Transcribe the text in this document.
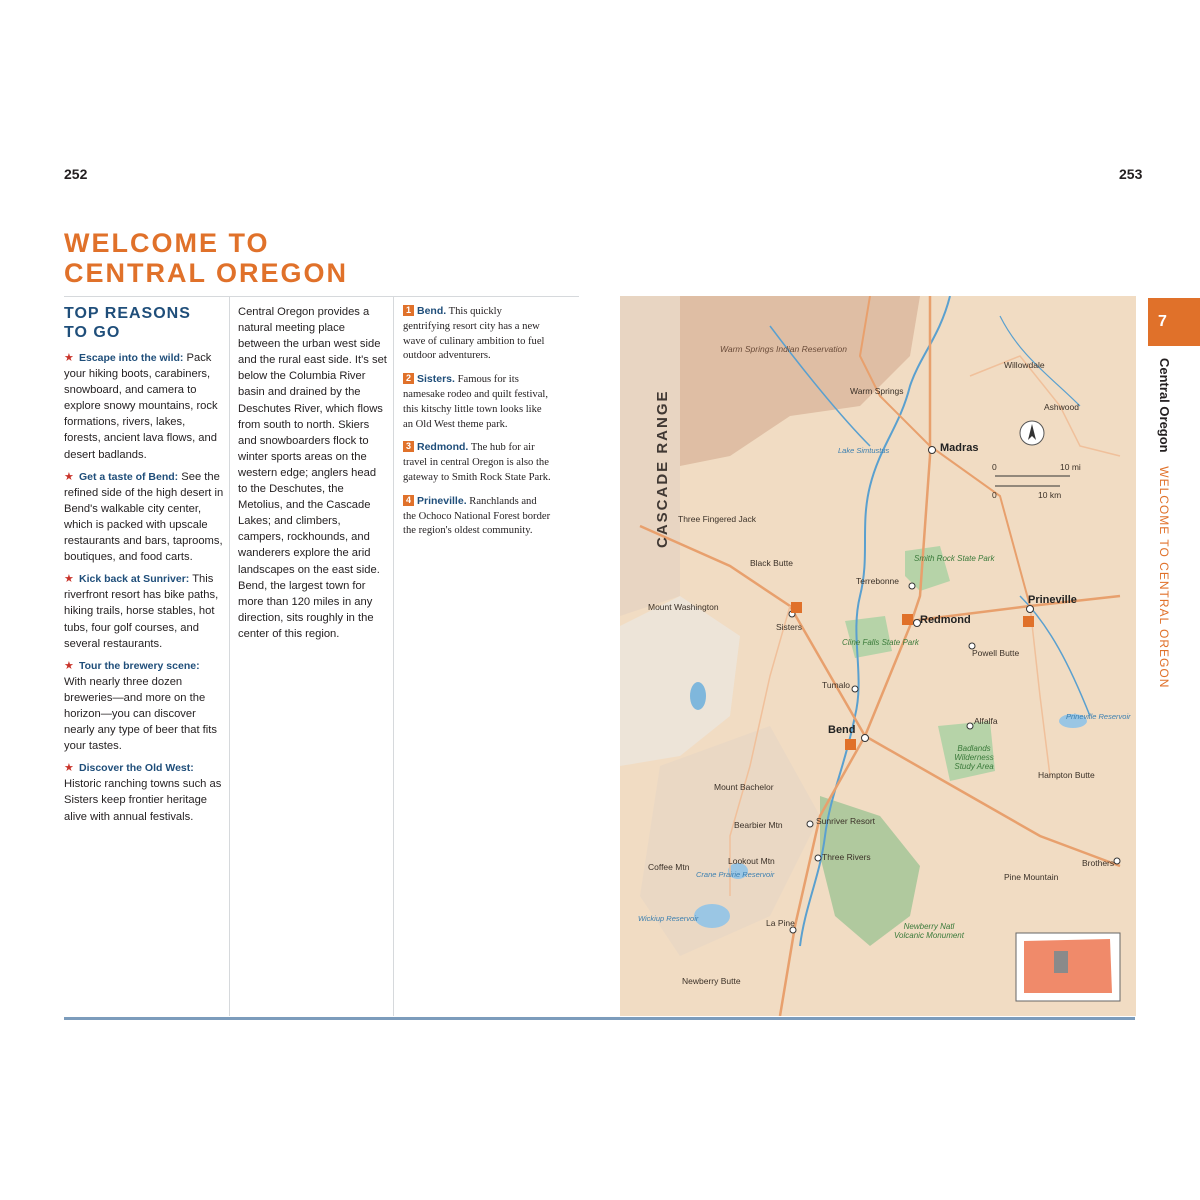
252	253
WELCOME TO
CENTRAL OREGON
TOP REASONS
TO GO
★ Escape into the wild: Pack your hiking boots, carabiners, snowboard, and camera to explore snowy mountains, rock formations, rivers, lakes, forests, ancient lava flows, and desert badlands.
★ Get a taste of Bend: See the refined side of the high desert in Bend's walkable city center, which is packed with upscale restaurants and bars, taprooms, boutiques, and food carts.
★ Kick back at Sunriver: This riverfront resort has bike paths, hiking trails, horse stables, hot tubs, four golf courses, and several restaurants.
★ Tour the brewery scene: With nearly three dozen breweries—and more on the horizon—you can discover nearly any type of beer that fits your tastes.
★ Discover the Old West: Historic ranching towns such as Sisters keep frontier heritage alive with annual festivals.
Central Oregon provides a natural meeting place between the urban west side and the rural east side. It's set below the Columbia River basin and drained by the Deschutes River, which flows from south to north. Skiers and snowboarders flock to winter sports areas on the western edge; anglers head to the Deschutes, the Metolius, and the Cascade Lakes; and climbers, campers, rockhounds, and wanderers explore the arid landscapes on the east side. Bend, the largest town for more than 120 miles in any direction, sits roughly in the center of this region.
1 Bend. This quickly gentrifying resort city has a new wave of culinary ambition to fuel outdoor adventurers.
2 Sisters. Famous for its namesake rodeo and quilt festival, this kitschy little town looks like an Old West theme park.
3 Redmond. The hub for air travel in central Oregon is also the gateway to Smith Rock State Park.
4 Prineville. Ranchlands and the Ochoco National Forest border the region's oldest community.
Madras
Redmond
Prineville
Bend
Sisters
Terrebonne
Tumalo
Alfalfa
Sunriver Resort
Three Rivers
La Pine
Brothers
Powell Butte
Willowdale
Ashwood
Warm Springs
Black Butte
Mount Washington
Three Fingered Jack
Mount Bachelor
Lookout Mtn
Pine Mountain
Hampton Butte
Newberry Butte
Bearbier Mtn
Coffee Mtn
Smith Rock State Park
Cline Falls State Park
Badlands Wilderness Study Area
Newberry Natl Volcanic Monument
Lake Simtustus
Prineville Reservoir
Crane Prairie Reservoir
Wickiup Reservoir
Warm Springs Indian Reservation
0
0
10 mi
10 km
CASCADE RANGE
7
Central Oregon WELCOME TO CENTRAL OREGON
